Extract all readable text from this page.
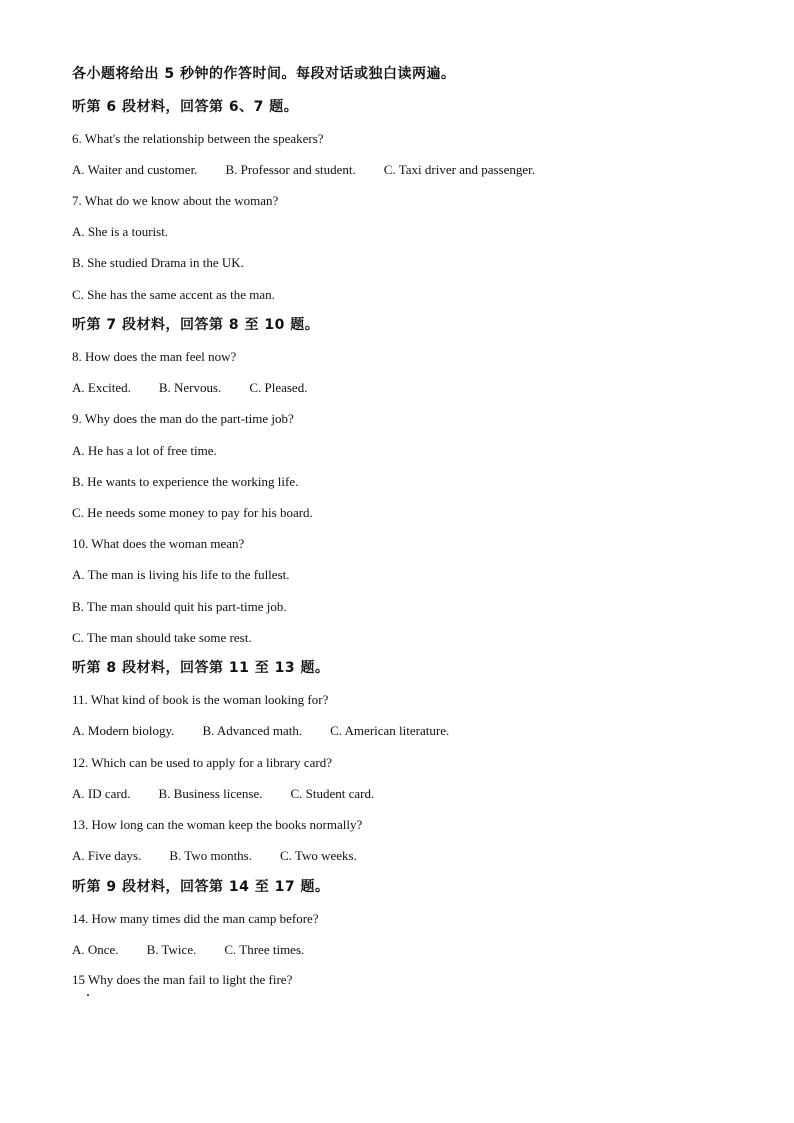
各小题将给出 5 秒钟的作答时间。每段对话或独白读两遍。
听第 6 段材料，回答第 6、7 题。
6. What's the relationship between the speakers?
A. Waiter and customer. B. Professor and student. C. Taxi driver and passenger.
7. What do we know about the woman?
A. She is a tourist.
B. She studied Drama in the UK.
C. She has the same accent as the man.
听第 7 段材料，回答第 8 至 10 题。
8. How does the man feel now?
A. Excited. B. Nervous. C. Pleased.
9. Why does the man do the part-time job?
A. He has a lot of free time.
B. He wants to experience the working life.
C. He needs some money to pay for his board.
10. What does the woman mean?
A. The man is living his life to the fullest.
B. The man should quit his part-time job.
C. The man should take some rest.
听第 8 段材料，回答第 11 至 13 题。
11. What kind of book is the woman looking for?
A. Modern biology. B. Advanced math. C. American literature.
12. Which can be used to apply for a library card?
A. ID card. B. Business license. C. Student card.
13. How long can the woman keep the books normally?
A. Five days. B. Two months. C. Two weeks.
听第 9 段材料，回答第 14 至 17 题。
14. How many times did the man camp before?
A. Once. B. Twice. C. Three times.
15 Why does the man fail to light the fire?
